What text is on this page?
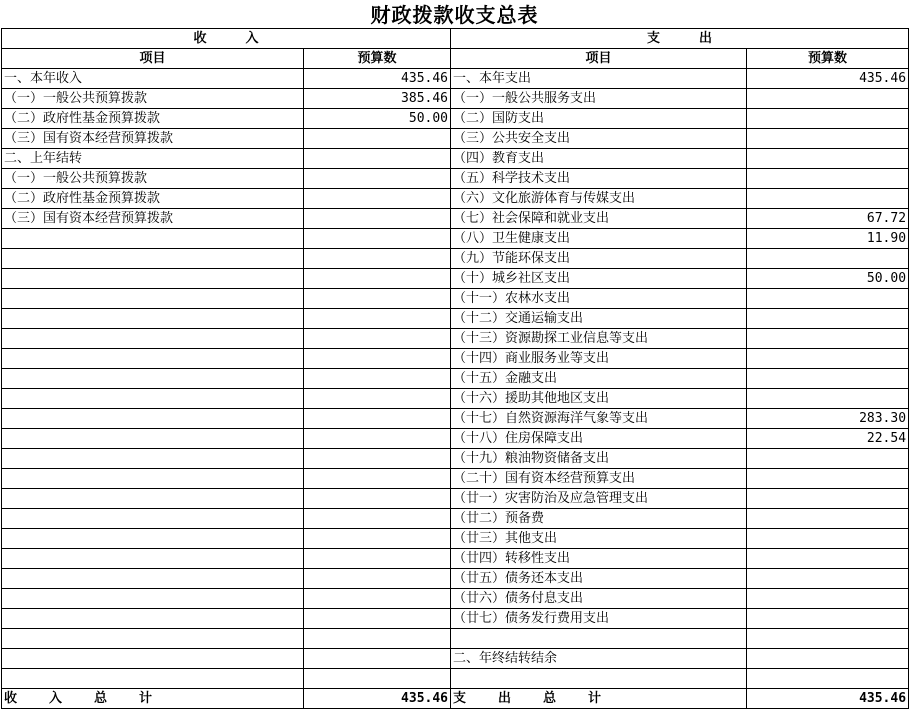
财政拨款收支总表
收　　　入		支　　　出	
项目	预算数	项目	预算数
一、本年收入	435.46	一、本年支出	435.46
（一）一般公共预算拨款	385.46	（一）一般公共服务支出	
（二）政府性基金预算拨款	50.00	（二）国防支出	
（三）国有资本经营预算拨款		（三）公共安全支出	
二、上年结转		（四）教育支出	
（一）一般公共预算拨款		（五）科学技术支出	
（二）政府性基金预算拨款		（六）文化旅游体育与传媒支出	
（三）国有资本经营预算拨款		（七）社会保障和就业支出	67.72
		（八）卫生健康支出	11.90
		（九）节能环保支出	
		（十）城乡社区支出	50.00
		（十一）农林水支出	
		（十二）交通运输支出	
		（十三）资源勘探工业信息等支出	
		（十四）商业服务业等支出	
		（十五）金融支出	
		（十六）援助其他地区支出	
		（十七）自然资源海洋气象等支出	283.30
		（十八）住房保障支出	22.54
		（十九）粮油物资储备支出	
		（二十）国有资本经营预算支出	
		（廿一）灾害防治及应急管理支出	
		（廿二）预备费	
		（廿三）其他支出	
		（廿四）转移性支出	
		（廿五）债务还本支出	
		（廿六）债务付息支出	
		（廿七）债务发行费用支出	

		二、年终结转结余	

收　　入　　总　　计	435.46	支　　出　　总　　计	435.46
